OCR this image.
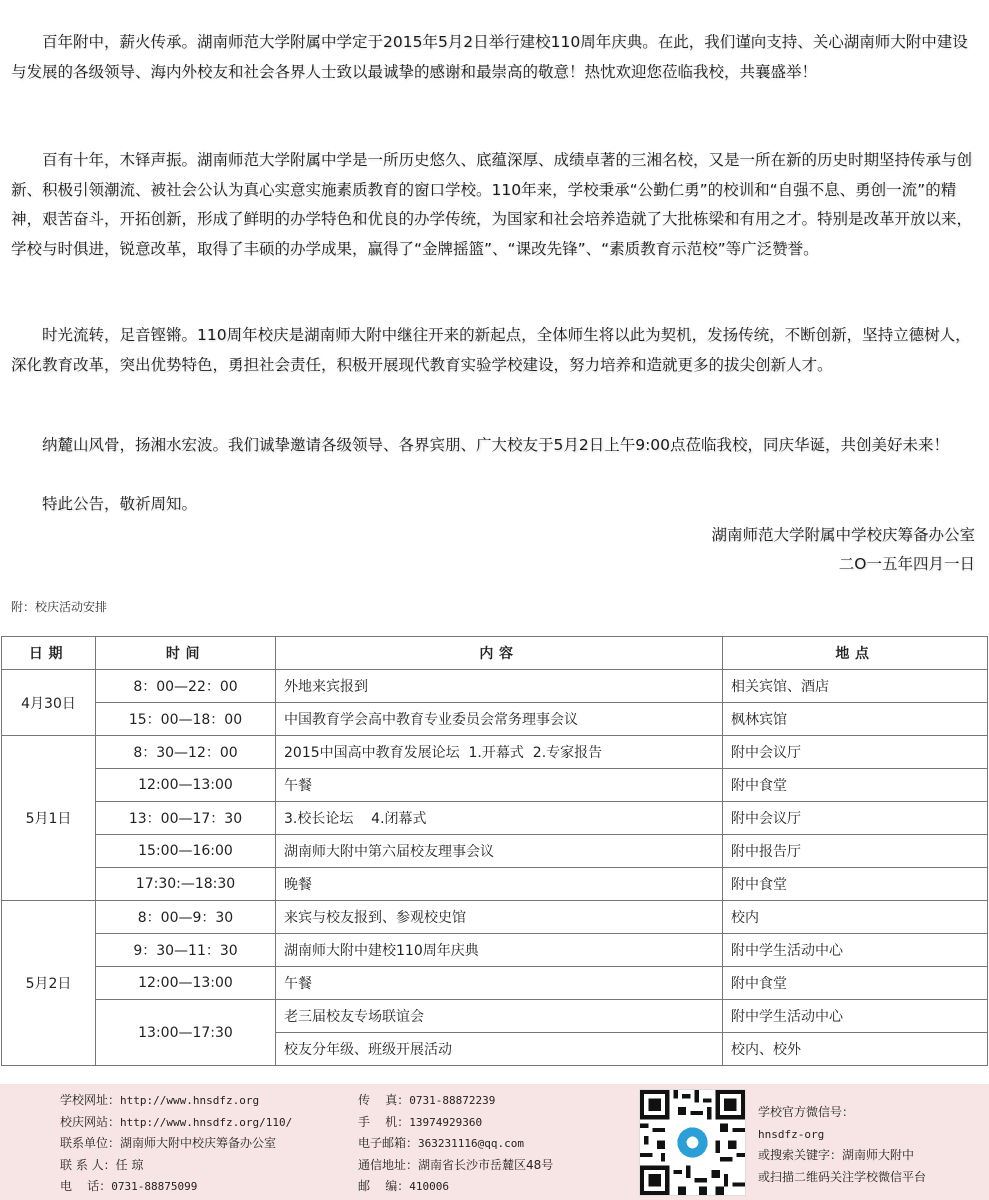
百年附中，薪火传承。湖南师范大学附属中学定于2015年5月2日举行建校110周年庆典。在此，我们谨向支持、关心湖南师大附中建设与发展的各级领导、海内外校友和社会各界人士致以最诚挚的感谢和最崇高的敬意！热忱欢迎您莅临我校，共襄盛举！

百有十年，木铎声振。湖南师范大学附属中学是一所历史悠久、底蕴深厚、成绩卓著的三湘名校，又是一所在新的历史时期坚持传承与创新、积极引领潮流、被社会公认为真心实意实施素质教育的窗口学校。110年来，学校秉承“公勤仁勇”的校训和“自强不息、勇创一流”的精神，艰苦奋斗，开拓创新，形成了鲜明的办学特色和优良的办学传统，为国家和社会培养造就了大批栋梁和有用之才。特别是改革开放以来，学校与时俱进，锐意改革，取得了丰硕的办学成果，赢得了“金牌摇篮”、“课改先锋”、“素质教育示范校”等广泛赞誉。

时光流转，足音铿锵。110周年校庆是湖南师大附中继往开来的新起点，全体师生将以此为契机，发扬传统，不断创新，坚持立德树人，深化教育改革，突出优势特色，勇担社会责任，积极开展现代教育实验学校建设，努力培养和造就更多的拔尖创新人才。

纳麓山风骨，扬湘水宏波。我们诚挚邀请各级领导、各界宾朋、广大校友于5月2日上午9:00点莅临我校，同庆华诞，共创美好未来！

特此公告，敬祈周知。

湖南师范大学附属中学校庆筹备办公室
二O一五年四月一日
附：校庆活动安排
日期	时间	内容	地点
4月30日	8：00—22：00	外地来宾报到	相关宾馆、酒店
	15：00—18：00	中国教育学会高中教育专业委员会常务理事会议	枫林宾馆
5月1日	8：30—12：00	2015中国高中教育发展论坛  1.开幕式  2.专家报告	附中会议厅
	12:00—13:00	午餐	附中食堂
	13：00—17：30	3.校长论坛    4.闭幕式	附中会议厅
	15:00—16:00	湖南师大附中第六届校友理事会议	附中报告厅
	17:30:—18:30	晚餐	附中食堂
5月2日	8：00—9：30	来宾与校友报到、参观校史馆	校内
	9：30—11：30	湖南师大附中建校110周年庆典	附中学生活动中心
	12:00—13:00	午餐	附中食堂
	13:00—17:30	老三届校友专场联谊会	附中学生活动中心
		校友分年级、班级开展活动	校内、校外
学校网址：http://www.hnsdfz.org
校庆网站：http://www.hnsdfz.org/110/
联系单位：湖南师大附中校庆筹备办公室
联 系 人：任 琼
电    话：0731-88875099
传    真：0731-88872239
手    机：13974929360
电子邮箱：363231116@qq.com
通信地址：湖南省长沙市岳麓区48号
邮    编：410006
学校官方微信号：
hnsdfz-org
或搜索关键字：湖南师大附中
或扫描二维码关注学校微信平台
